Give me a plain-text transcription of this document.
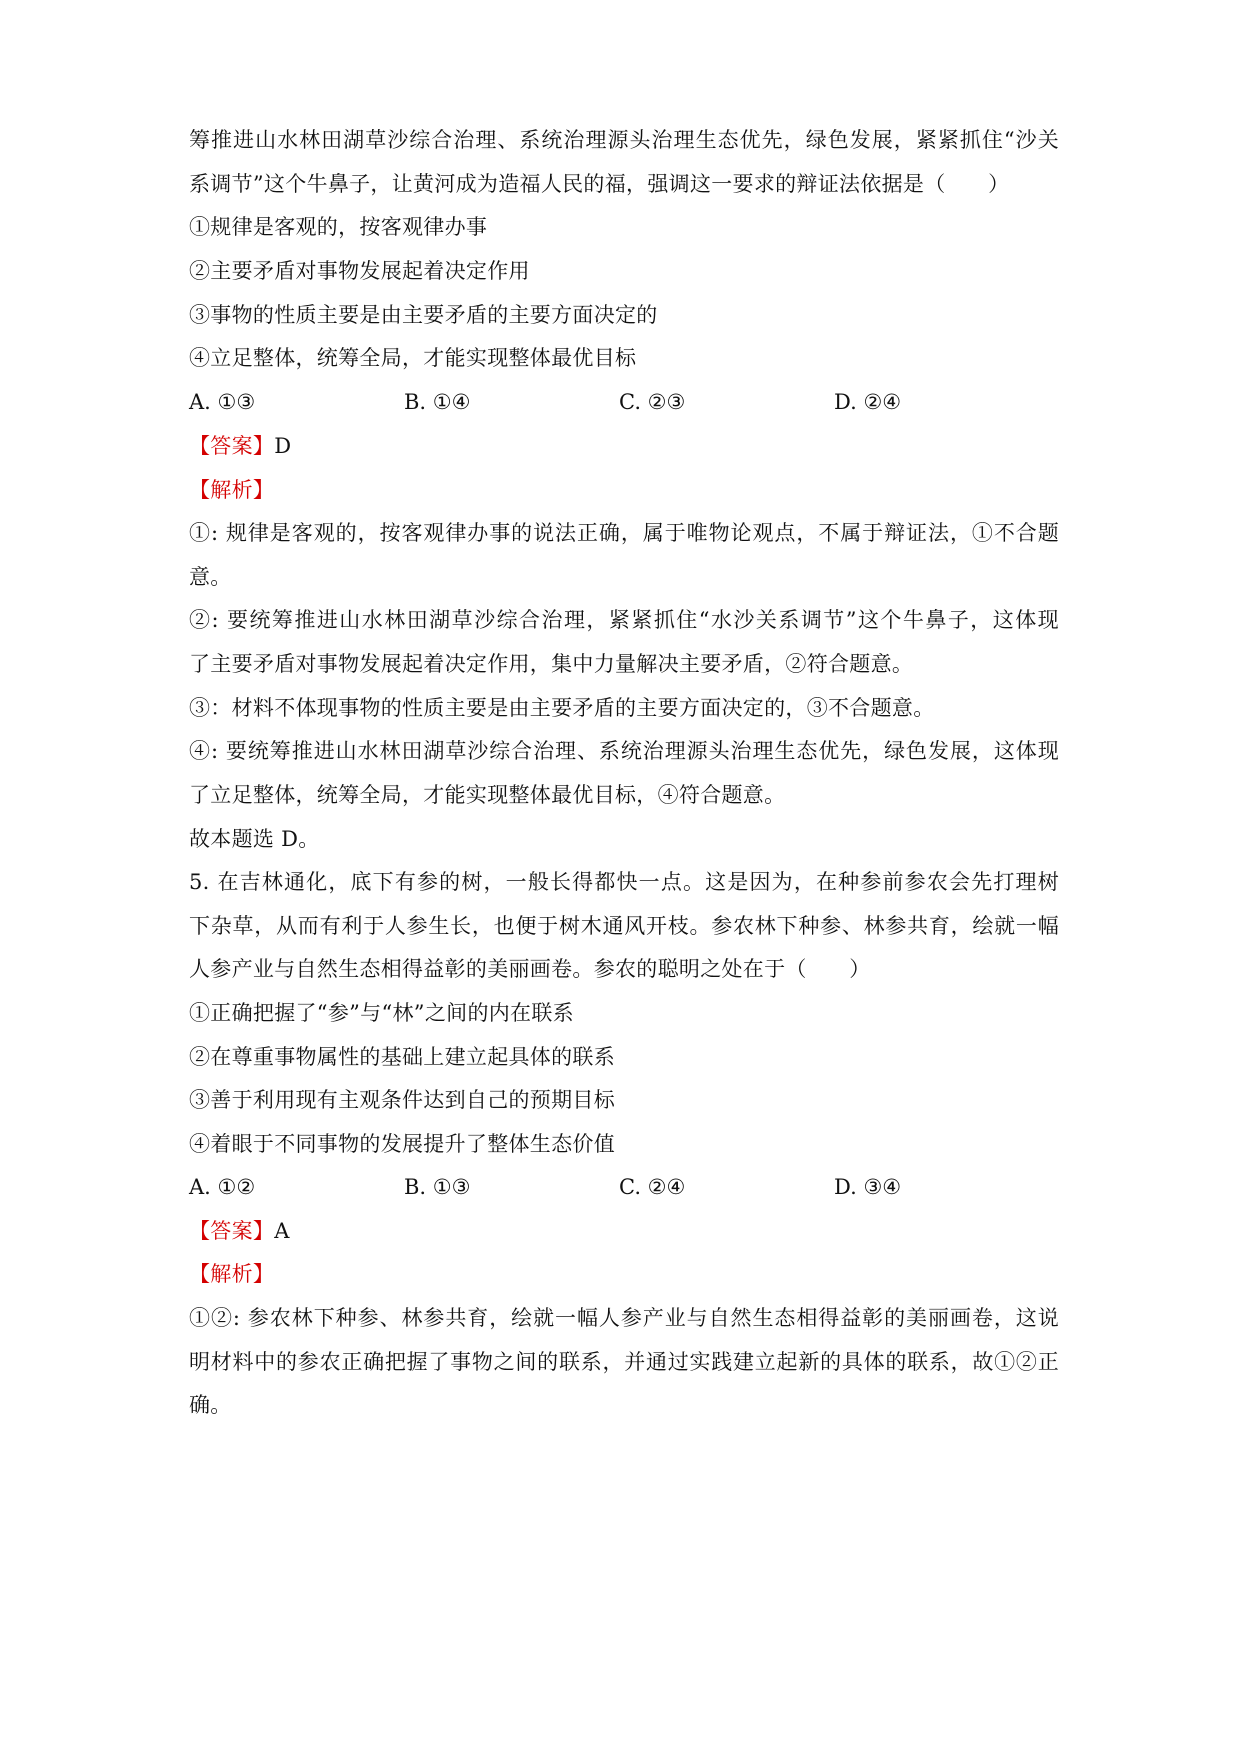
筹推进山水林田湖草沙综合治理、系统治理源头治理生态优先，绿色发展，紧紧抓住“沙关
系调节”这个牛鼻子，让黄河成为造福人民的福，强调这一要求的辩证法依据是（　　）
①规律是客观的，按客观律办事
②主要矛盾对事物发展起着决定作用
③事物的性质主要是由主要矛盾的主要方面决定的
④立足整体，统筹全局，才能实现整体最优目标
A. ①③	B. ①④	C. ②③	D. ②④
【答案】D
【解析】
①: 规律是客观的，按客观律办事的说法正确，属于唯物论观点，不属于辩证法，①不合题
意。
②: 要统筹推进山水林田湖草沙综合治理，紧紧抓住“水沙关系调节”这个牛鼻子，这体现
了主要矛盾对事物发展起着决定作用，集中力量解决主要矛盾，②符合题意。
③：材料不体现事物的性质主要是由主要矛盾的主要方面决定的，③不合题意。
④: 要统筹推进山水林田湖草沙综合治理、系统治理源头治理生态优先，绿色发展，这体现
了立足整体，统筹全局，才能实现整体最优目标，④符合题意。
故本题选 D。
5. 在吉林通化，底下有参的树，一般长得都快一点。这是因为，在种参前参农会先打理树
下杂草，从而有利于人参生长，也便于树木通风开枝。参农林下种参、林参共育，绘就一幅
人参产业与自然生态相得益彰的美丽画卷。参农的聪明之处在于（　　）
①正确把握了“参”与“林”之间的内在联系
②在尊重事物属性的基础上建立起具体的联系
③善于利用现有主观条件达到自己的预期目标
④着眼于不同事物的发展提升了整体生态价值
A. ①②	B. ①③	C. ②④	D. ③④
【答案】A
【解析】
①②: 参农林下种参、林参共育，绘就一幅人参产业与自然生态相得益彰的美丽画卷，这说
明材料中的参农正确把握了事物之间的联系，并通过实践建立起新的具体的联系，故①②正
确。
